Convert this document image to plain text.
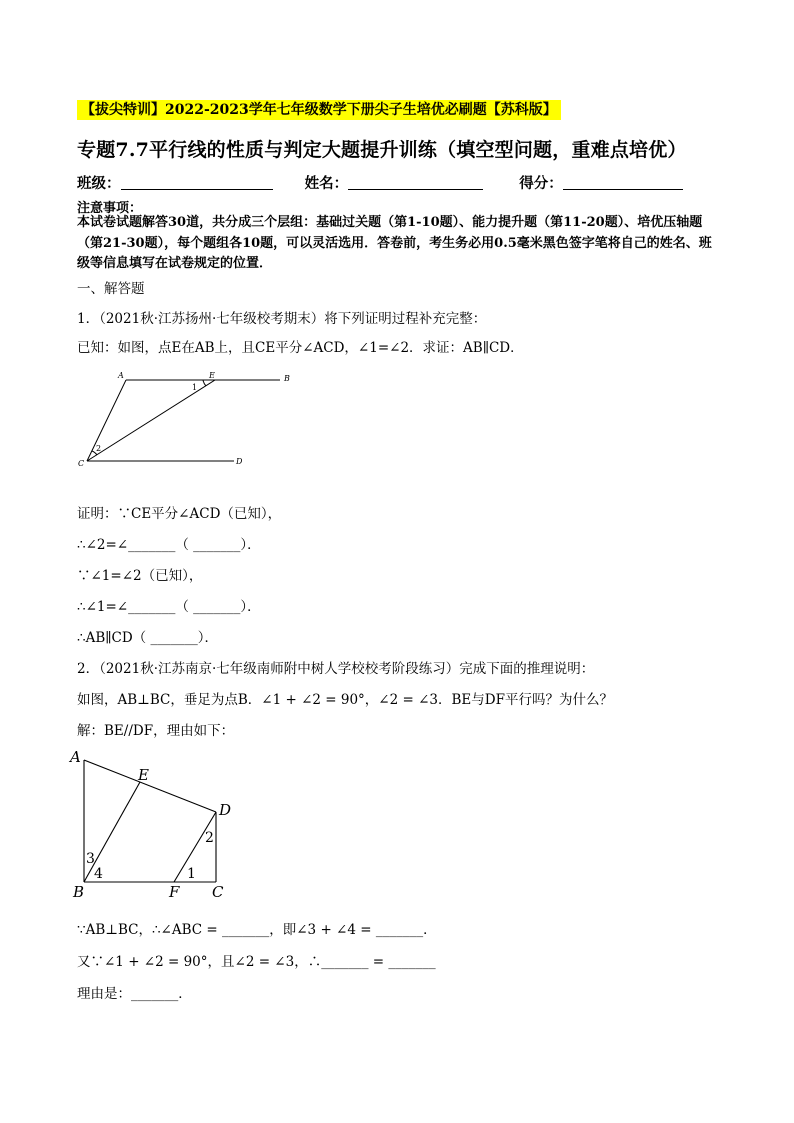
【拔尖特训】2022-2023学年七年级数学下册尖子生培优必刷题【苏科版】
专题7.7平行线的性质与判定大题提升训练（填空型问题，重难点培优）
班级：	姓名：	得分：
注意事项：
本试卷试题解答30道，共分成三个层组：基础过关题（第1-10题）、能力提升题（第11-20题）、培优压轴题（第21-30题），每个题组各10题，可以灵活选用．答卷前，考生务必用0.5毫米黑色签字笔将自己的姓名、班级等信息填写在试卷规定的位置．
一、解答题
1．（2021秋·江苏扬州·七年级校考期末）将下列证明过程补充完整：
已知：如图，点E在AB上，且CE平分∠ACD，∠1=∠2．求证：AB∥CD．
A	E	B
C	D
1
2
证明：∵CE平分∠ACD（已知），
∴∠2=∠_______（ _______）．
∵∠1=∠2（已知），
∴∠1=∠_______（ _______）．
∴AB∥CD（ _______）．
2．（2021秋·江苏南京·七年级南师附中树人学校校考阶段练习）完成下面的推理说明：
如图，AB⊥BC，垂足为点B．∠1 + ∠2 = 90°，∠2 = ∠3．BE与DF平行吗？为什么？
解：BE//DF，理由如下：
A
E
D
B	F C
3
4	1
2
∵AB⊥BC，∴∠ABC = _______，即∠3 + ∠4 = _______．
又∵∠1 + ∠2 = 90°，且∠2 = ∠3，∴_______ = _______
理由是：_______．
